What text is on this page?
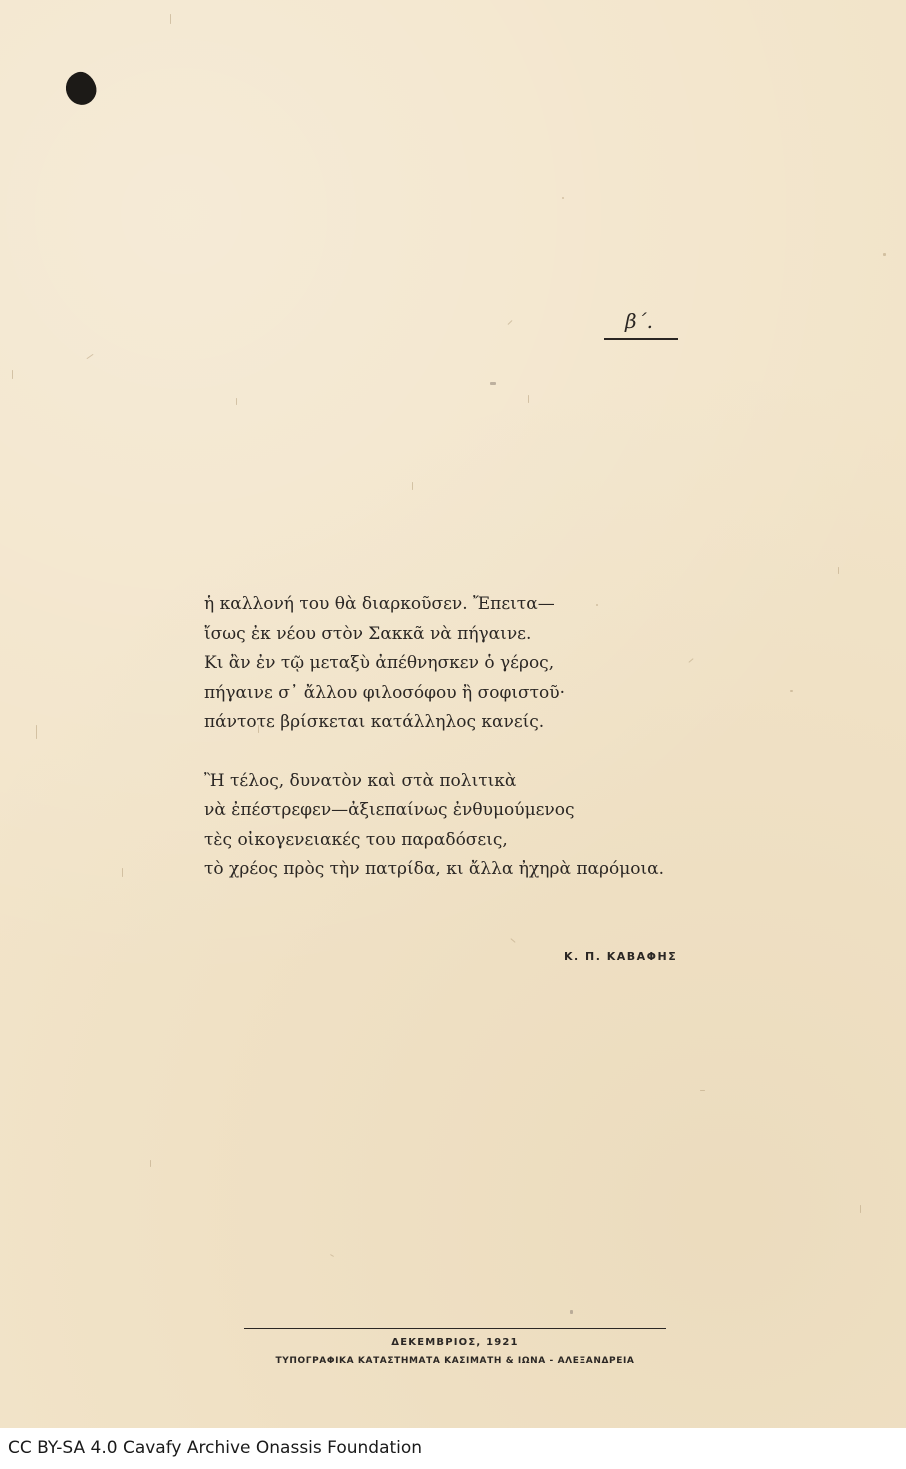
β΄.

ἡ καλλονή του θὰ διαρκοῦσεν. Ἔπειτα—
ἴσως ἐκ νέου στὸν Σακκᾶ νὰ πήγαινε.
Κι ἂν ἐν τῷ μεταξὺ ἀπέθνησκεν ὁ γέρος,
πήγαινε σ᾽ ἄλλου φιλοσόφου ἢ σοφιστοῦ·
πάντοτε βρίσκεται κατάλληλος κανείς.

Ἢ τέλος, δυνατὸν καὶ στὰ πολιτικὰ
νὰ ἐπέστρεφεν—ἀξιεπαίνως ἐνθυμούμενος
τὲς οἰκογενειακές του παραδόσεις,
τὸ χρέος πρὸς τὴν πατρίδα, κι ἄλλα ἠχηρὰ παρόμοια.

Κ. Π. ΚΑΒΑΦΗΣ
ΔΕΚΕΜΒΡΙΟΣ, 1921
ΤΥΠΟΓΡΑΦΙΚΑ ΚΑΤΑΣΤΗΜΑΤΑ ΚΑΣΙΜΑΤΗ & ΙΩΝΑ - ΑΛΕΞΑΝΔΡΕΙΑ
CC BY-SA 4.0 Cavafy Archive Onassis Foundation
